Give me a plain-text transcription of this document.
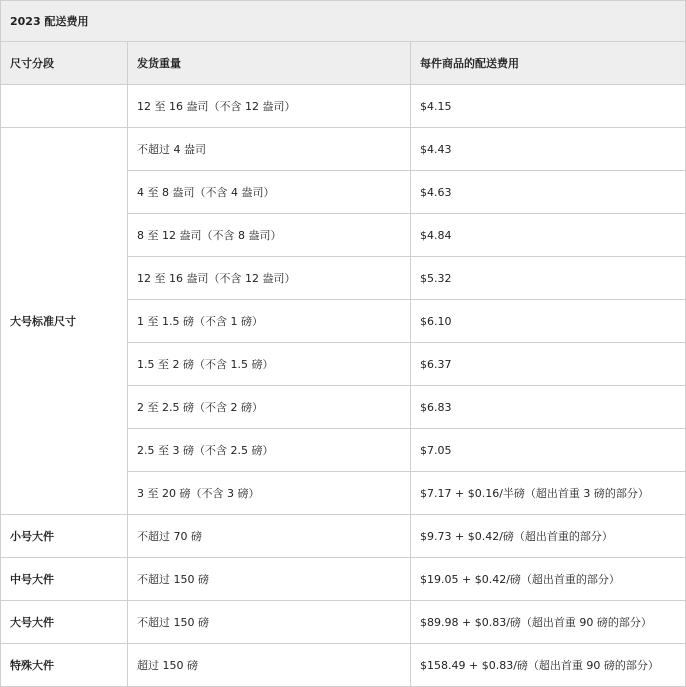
2023 配送费用		
尺寸分段	发货重量	每件商品的配送费用
	12 至 16 盎司（不含 12 盎司）	$4.15
大号标准尺寸	不超过 4 盎司	$4.43
	4 至 8 盎司（不含 4 盎司）	$4.63
	8 至 12 盎司（不含 8 盎司）	$4.84
	12 至 16 盎司（不含 12 盎司）	$5.32
	1 至 1.5 磅（不含 1 磅）	$6.10
	1.5 至 2 磅（不含 1.5 磅）	$6.37
	2 至 2.5 磅（不含 2 磅）	$6.83
	2.5 至 3 磅（不含 2.5 磅）	$7.05
	3 至 20 磅（不含 3 磅）	$7.17 + $0.16/半磅（超出首重 3 磅的部分）
小号大件	不超过 70 磅	$9.73 + $0.42/磅（超出首重的部分）
中号大件	不超过 150 磅	$19.05 + $0.42/磅（超出首重的部分）
大号大件	不超过 150 磅	$89.98 + $0.83/磅（超出首重 90 磅的部分）
特殊大件	超过 150 磅	$158.49 + $0.83/磅（超出首重 90 磅的部分）
